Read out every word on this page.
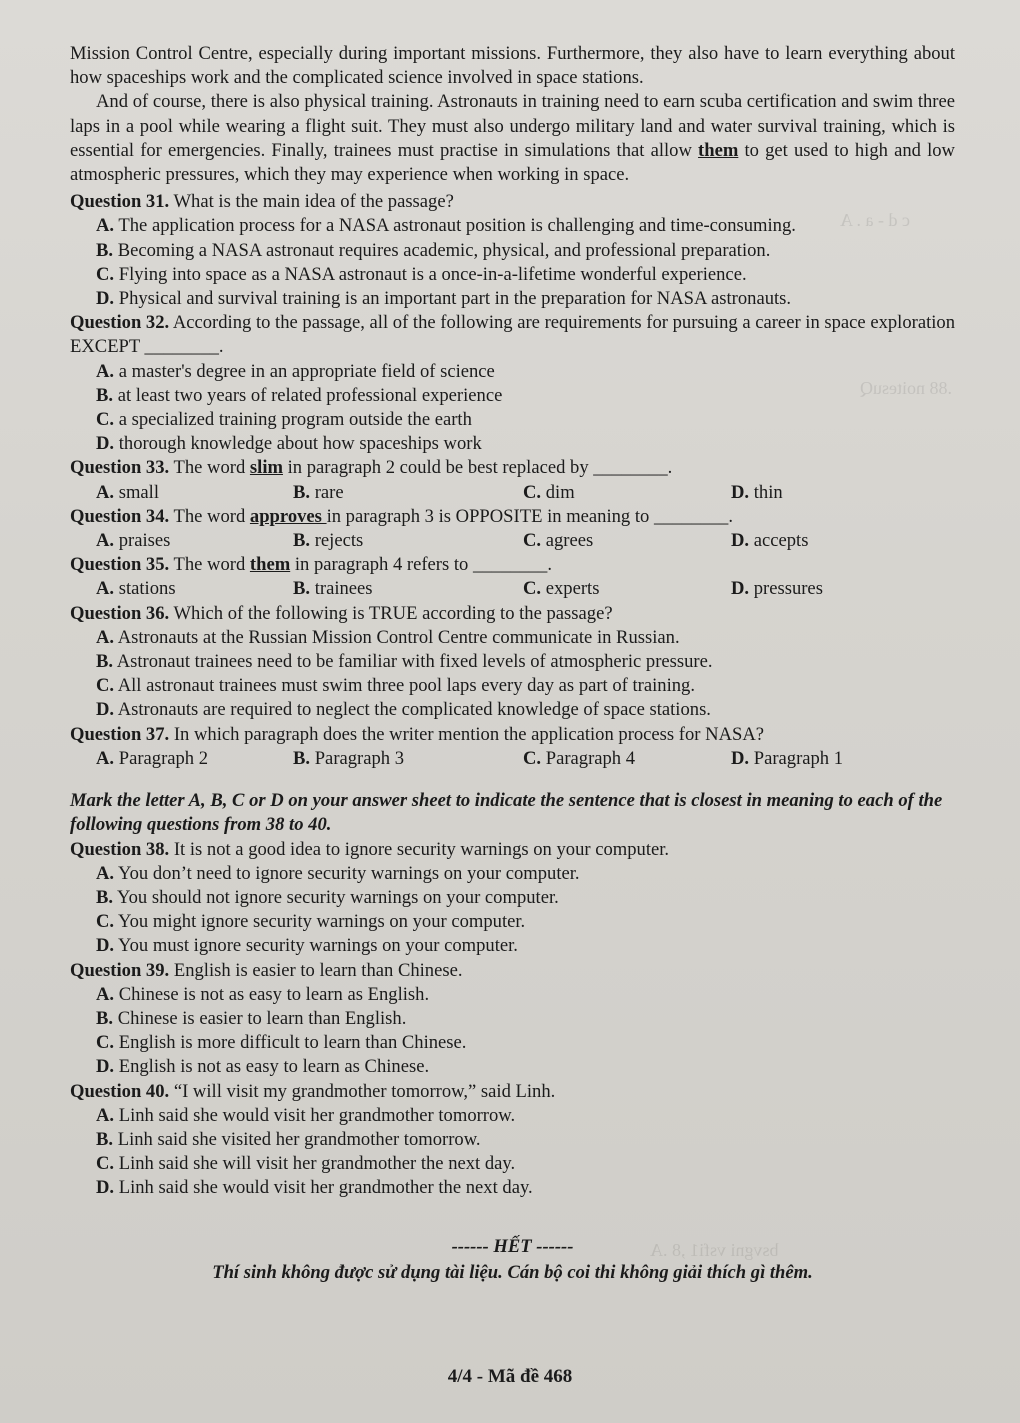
c d - a . A
.88 noitesuQ
bsvgni vsfi1 ,8 .A

Mission Control Centre, especially during important missions. Furthermore, they also have to learn everything about how spaceships work and the complicated science involved in space stations.

And of course, there is also physical training. Astronauts in training need to earn scuba certification and swim three laps in a pool while wearing a flight suit. They must also undergo military land and water survival training, which is essential for emergencies. Finally, trainees must practise in simulations that allow them to get used to high and low atmospheric pressures, which they may experience when working in space.

Question 31. What is the main idea of the passage?

A. The application process for a NASA astronaut position is challenging and time-consuming.

B. Becoming a NASA astronaut requires academic, physical, and professional preparation.

C. Flying into space as a NASA astronaut is a once-in-a-lifetime wonderful experience.

D. Physical and survival training is an important part in the preparation for NASA astronauts.

Question 32. According to the passage, all of the following are requirements for pursuing a career in space exploration EXCEPT ________.

A. a master's degree in an appropriate field of science

B. at least two years of related professional experience

C. a specialized training program outside the earth

D. thorough knowledge about how spaceships work

Question 33. The word slim in paragraph 2 could be best replaced by ________.

A. small	B. rare	C. dim	D. thin

Question 34. The word approves in paragraph 3 is OPPOSITE in meaning to ________.

A. praises	B. rejects	C. agrees	D. accepts

Question 35. The word them in paragraph 4 refers to ________.

A. stations	B. trainees	C. experts	D. pressures

Question 36. Which of the following is TRUE according to the passage?

A. Astronauts at the Russian Mission Control Centre communicate in Russian.

B. Astronaut trainees need to be familiar with fixed levels of atmospheric pressure.

C. All astronaut trainees must swim three pool laps every day as part of training.

D. Astronauts are required to neglect the complicated knowledge of space stations.

Question 37. In which paragraph does the writer mention the application process for NASA?

A. Paragraph 2	B. Paragraph 3	C. Paragraph 4	D. Paragraph 1

Mark the letter A, B, C or D on your answer sheet to indicate the sentence that is closest in meaning to each of the following questions from 38 to 40.

Question 38. It is not a good idea to ignore security warnings on your computer.

A. You don’t need to ignore security warnings on your computer.

B. You should not ignore security warnings on your computer.

C. You might ignore security warnings on your computer.

D. You must ignore security warnings on your computer.

Question 39. English is easier to learn than Chinese.

A. Chinese is not as easy to learn as English.

B. Chinese is easier to learn than English.

C. English is more difficult to learn than Chinese.

D. English is not as easy to learn as Chinese.

Question 40. “I will visit my grandmother tomorrow,” said Linh.

A. Linh said she would visit her grandmother tomorrow.

B. Linh said she visited her grandmother tomorrow.

C. Linh said she will visit her grandmother the next day.

D. Linh said she would visit her grandmother the next day.

------ HẾT ------

Thí sinh không được sử dụng tài liệu. Cán bộ coi thi không giải thích gì thêm.

4/4 - Mã đề 468
